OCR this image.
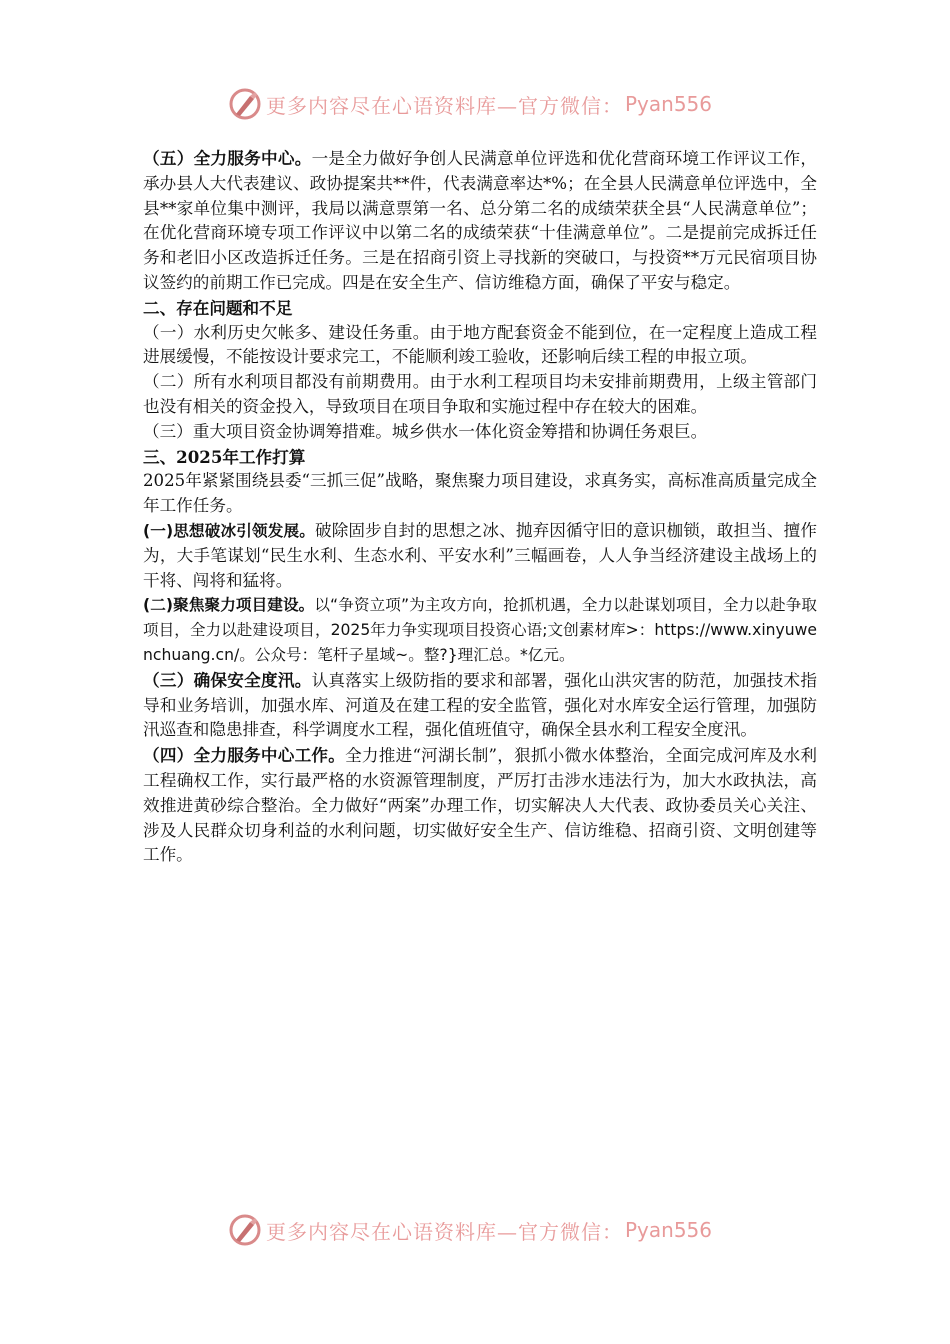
更多内容尽在心语资料库—官方微信： Pyan556

（五）全力服务中心。一是全力做好争创人民满意单位评选和优化营商环境工作评议工作，承办县人大代表建议、政协提案共**件，代表满意率达*%；在全县人民满意单位评选中，全县**家单位集中测评，我局以满意票第一名、总分第二名的成绩荣获全县“人民满意单位”；在优化营商环境专项工作评议中以第二名的成绩荣获“十佳满意单位”。二是提前完成拆迁任务和老旧小区改造拆迁任务。三是在招商引资上寻找新的突破口，与投资**万元民宿项目协议签约的前期工作已完成。四是在安全生产、信访维稳方面，确保了平安与稳定。

二、存在问题和不足

（一）水利历史欠帐多、建设任务重。由于地方配套资金不能到位，在一定程度上造成工程进展缓慢，不能按设计要求完工，不能顺利竣工验收，还影响后续工程的申报立项。

（二）所有水利项目都没有前期费用。由于水利工程项目均未安排前期费用，上级主管部门也没有相关的资金投入，导致项目在项目争取和实施过程中存在较大的困难。

（三）重大项目资金协调筹措难。城乡供水一体化资金筹措和协调任务艰巨。

三、2025年工作打算

2025年紧紧围绕县委“三抓三促”战略，聚焦聚力项目建设，求真务实，高标准高质量完成全年工作任务。

(一)思想破冰引领发展。破除固步自封的思想之冰、抛弃因循守旧的意识枷锁，敢担当、擅作为，大手笔谋划“民生水利、生态水利、平安水利”三幅画卷，人人争当经济建设主战场上的干将、闯将和猛将。

(二)聚焦聚力项目建设。以“争资立项”为主攻方向，抢抓机遇，全力以赴谋划项目，全力以赴争取项目，全力以赴建设项目，2025年力争实现项目投资心语;文创素材库>：https://www.xinyuwenchuang.cn/。公众号：笔杆子星域~。整?}理汇总。*亿元。

（三）确保安全度汛。认真落实上级防指的要求和部署，强化山洪灾害的防范，加强技术指导和业务培训，加强水库、河道及在建工程的安全监管，强化对水库安全运行管理，加强防汛巡查和隐患排查，科学调度水工程，强化值班值守，确保全县水利工程安全度汛。

（四）全力服务中心工作。全力推进“河湖长制”，狠抓小微水体整治，全面完成河库及水利工程确权工作，实行最严格的水资源管理制度，严厉打击涉水违法行为，加大水政执法，高效推进黄砂综合整治。全力做好“两案”办理工作，切实解决人大代表、政协委员关心关注、涉及人民群众切身利益的水利问题，切实做好安全生产、信访维稳、招商引资、文明创建等工作。

更多内容尽在心语资料库—官方微信： Pyan556
